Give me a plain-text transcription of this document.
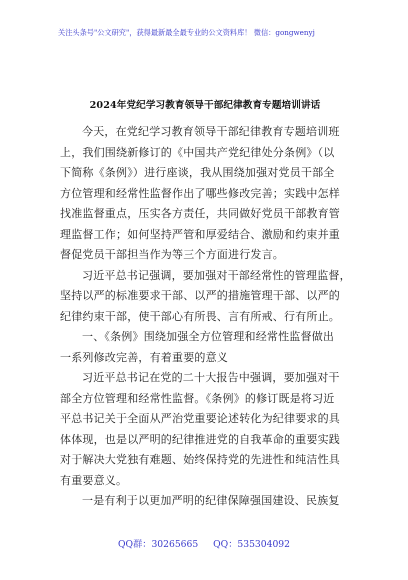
关注头条号"公文研究"，获得最新最全最专业的公文资料库！ 微信：gongwenyj
2024年党纪学习教育领导干部纪律教育专题培训讲话
今天，在党纪学习教育领导干部纪律教育专题培训班
上，我们围绕新修订的《中国共产党纪律处分条例》（以
下简称《条例》）进行座谈，我从围绕加强对党员干部全
方位管理和经常性监督作出了哪些修改完善；实践中怎样
找准监督重点，压实各方责任，共同做好党员干部教育管
理监督工作；如何坚持严管和厚爱结合、激励和约束并重
督促党员干部担当作为等三个方面进行发言。
习近平总书记强调，要加强对干部经常性的管理监督，
坚持以严的标准要求干部、以严的措施管理干部、以严的
纪律约束干部，使干部心有所畏、言有所戒、行有所止。
一、《条例》围绕加强全方位管理和经常性监督做出
一系列修改完善，有着重要的意义
习近平总书记在党的二十大报告中强调，要加强对干
部全方位管理和经常性监督。《条例》的修订既是将习近
平总书记关于全面从严治党重要论述转化为纪律要求的具
体体现，也是以严明的纪律推进党的自我革命的重要实践
对于解决大党独有难题、始终保持党的先进性和纯洁性具
有重要意义。
一是有利于以更加严明的纪律保障强国建设、民族复
QQ群：30265665 QQ：535304092
